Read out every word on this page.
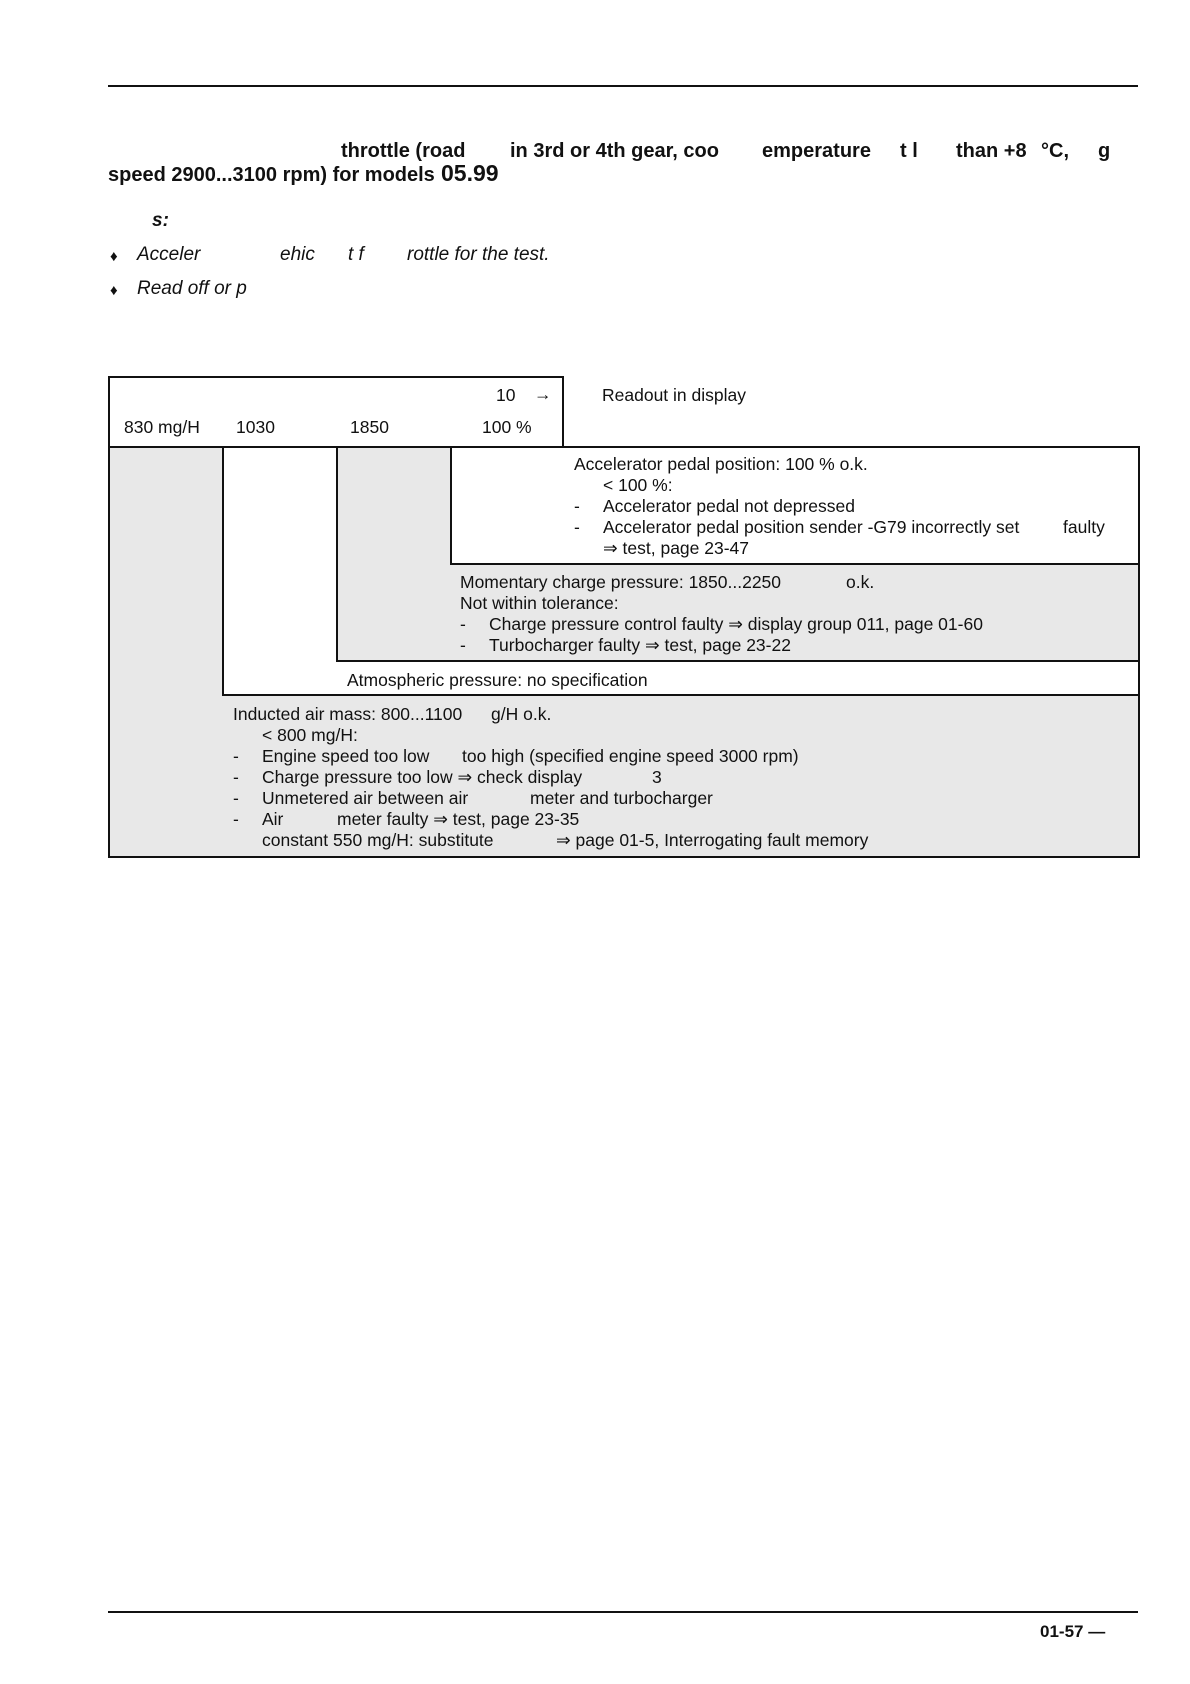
throttle (road in 3rd or 4th gear, coo emperature t l than +8 °C, g
speed 2900...3100 rpm) for models 05.99
s:
♦ Acceler	ehic t f rottle for the test.
♦ Read off or p
10 →	Readout in display
830 mg/H 1030	1850	100 %
Accelerator pedal position: 100 % o.k.
< 100 %:
- Accelerator pedal not depressed
- Accelerator pedal position sender -G79 incorrectly set faulty
⇒ test, page 23-47
Momentary charge pressure: 1850...2250	o.k.
Not within tolerance:
- Charge pressure control faulty ⇒ display group 011, page 01-60
- Turbocharger faulty ⇒ test, page 23-22
Atmospheric pressure: no specification
Inducted air mass: 800...1100 g/H o.k.
< 800 mg/H:
- Engine speed too low too high (specified engine speed 3000 rpm)
- Charge pressure too low ⇒ check display	3
- Unmetered air between air	meter and turbocharger
- Air	meter faulty ⇒ test, page 23-35
constant 550 mg/H: substitute	⇒ page 01-5, Interrogating fault memory
01-57 —
